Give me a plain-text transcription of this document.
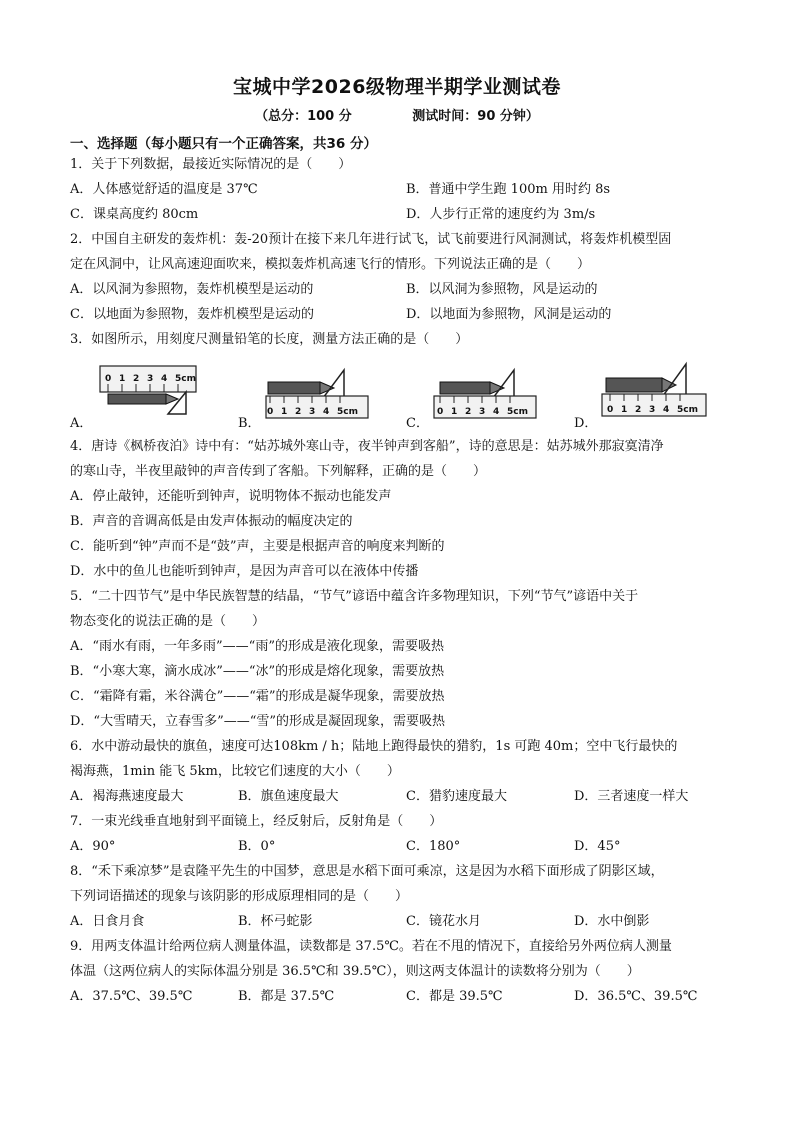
宝城中学2026级物理半期学业测试卷
（总分：100 分	测试时间：90 分钟）
一、选择题（每小题只有一个正确答案，共36 分）
1．关于下列数据，最接近实际情况的是（　　）
A．人体感觉舒适的温度是 37℃	B．普通中学生跑 100m 用时约 8s
C．课桌高度约 80cm	D．人步行正常的速度约为 3m/s
2．中国自主研发的轰炸机：轰-20预计在接下来几年进行试飞，试飞前要进行风洞测试，将轰炸机模型固
定在风洞中，让风高速迎面吹来，模拟轰炸机高速飞行的情形。下列说法正确的是（　　）
A．以风洞为参照物，轰炸机模型是运动的	B．以风洞为参照物，风是运动的
C．以地面为参照物，轰炸机模型是运动的	D．以地面为参照物，风洞是运动的
3．如图所示，用刻度尺测量铅笔的长度，测量方法正确的是（　　）
A．	B．	C．	D．
0 1 2 3 4 5cm
0 1 2 3 4 5cm	0 1 2 3 4 5cm	0 1 2 3 4 5cm
4．唐诗《枫桥夜泊》诗中有：“姑苏城外寒山寺，夜半钟声到客船”，诗的意思是：姑苏城外那寂寞清净
的寒山寺，半夜里敲钟的声音传到了客船。下列解释，正确的是（　　）
A．停止敲钟，还能听到钟声，说明物体不振动也能发声
B．声音的音调高低是由发声体振动的幅度决定的
C．能听到“钟”声而不是“鼓”声，主要是根据声音的响度来判断的
D．水中的鱼儿也能听到钟声，是因为声音可以在液体中传播
5．“二十四节气”是中华民族智慧的结晶，“节气”谚语中蕴含许多物理知识，下列“节气”谚语中关于
物态变化的说法正确的是（　　）
A．“雨水有雨，一年多雨”——“雨”的形成是液化现象，需要吸热
B．“小寒大寒，滴水成冰”——“冰”的形成是熔化现象，需要放热
C．“霜降有霜，米谷满仓”——“霜”的形成是凝华现象，需要放热
D．“大雪晴天，立春雪多”——“雪”的形成是凝固现象，需要吸热
6．水中游动最快的旗鱼，速度可达108km / h；陆地上跑得最快的猎豹，1s 可跑 40m；空中飞行最快的
褐海燕，1min 能飞 5km，比较它们速度的大小（　　）
A．褐海燕速度最大	B．旗鱼速度最大	C．猎豹速度最大	D．三者速度一样大
7．一束光线垂直地射到平面镜上，经反射后，反射角是（　　）
A．90°	B．0°	C．180°	D．45°
8．“禾下乘凉梦”是袁隆平先生的中国梦，意思是水稻下面可乘凉，这是因为水稻下面形成了阴影区域，
下列词语描述的现象与该阴影的形成原理相同的是（　　）
A．日食月食	B．杯弓蛇影	C．镜花水月	D．水中倒影
9．用两支体温计给两位病人测量体温，读数都是 37.5℃。若在不甩的情况下，直接给另外两位病人测量
体温（这两位病人的实际体温分别是 36.5℃和 39.5℃），则这两支体温计的读数将分别为（　　）
A．37.5℃、39.5℃	B．都是 37.5℃	C．都是 39.5℃	D．36.5℃、39.5℃
